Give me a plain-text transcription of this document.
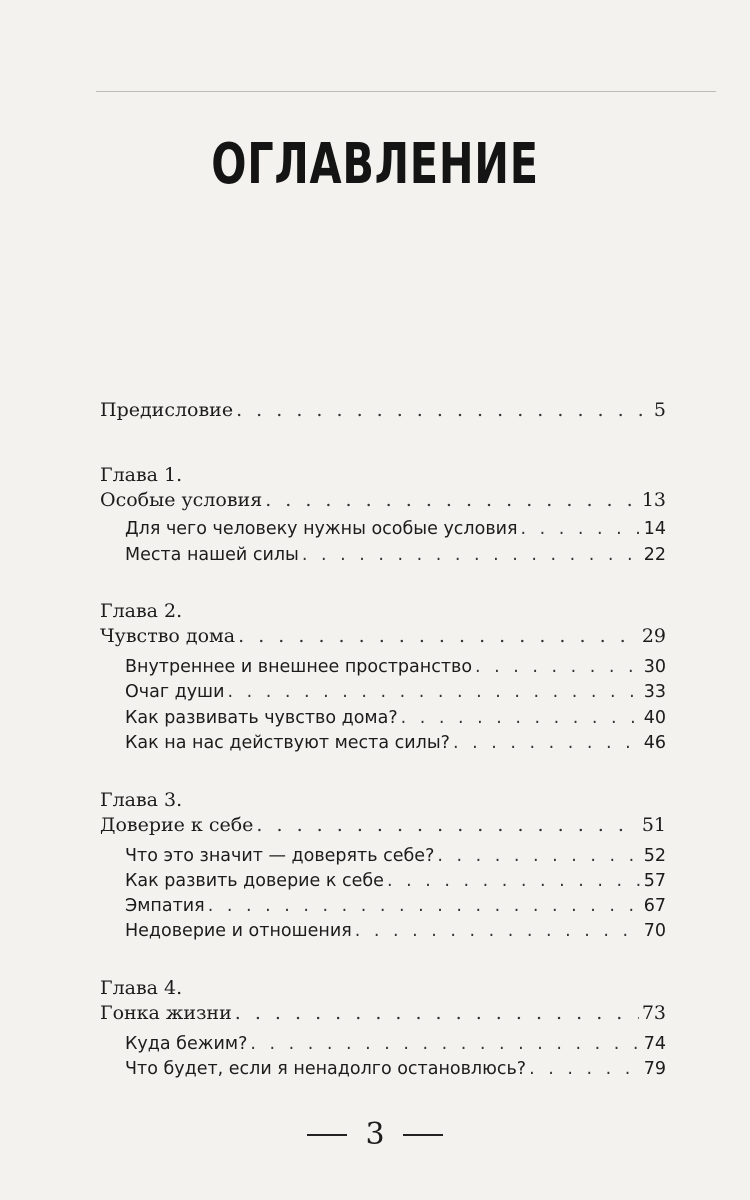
ОГЛАВЛЕНИЕ
Предисловие . . .	5
Глава 1.
Особые условия . . .	13
Для чего человеку нужны особые условия . . .	14
Места нашей силы . . .	22
Глава 2.
Чувство дома . . .	29
Внутреннее и внешнее пространство . . .	30
Очаг души . . .	33
Как развивать чувство дома? . . .	40
Как на нас действуют места силы? . . .	46
Глава 3.
Доверие к себе . . .	51
Что это значит — доверять себе? . . .	52
Как развить доверие к себе . . .	57
Эмпатия . . .	67
Недоверие и отношения . . .	70
Глава 4.
Гонка жизни . . .	73
Куда бежим? . . .	74
Что будет, если я ненадолго остановлюсь? . . .	79
3
